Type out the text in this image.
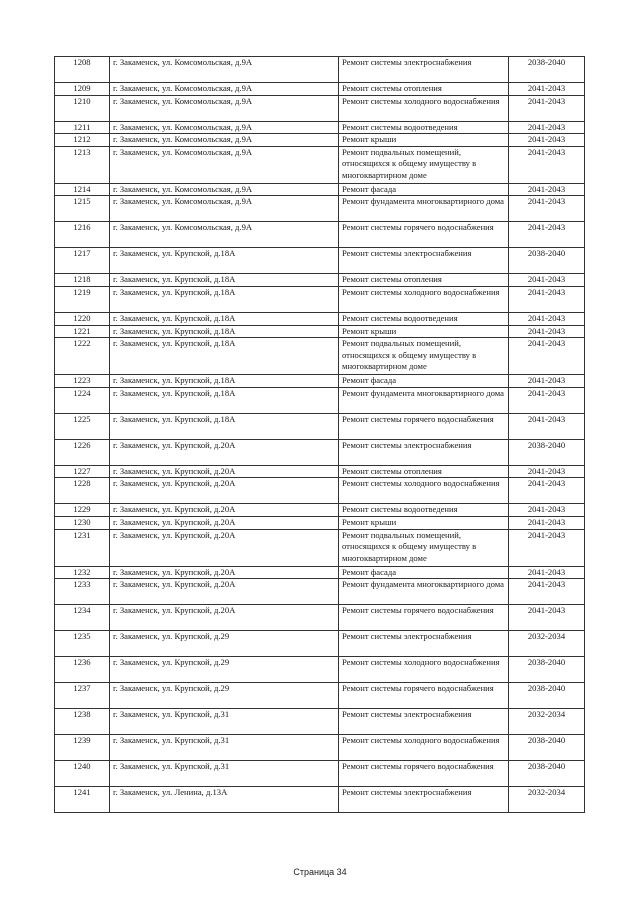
1208	г. Закаменск, ул. Комсомольская, д.9А	Ремонт системы электроснабжения	2038-2040
1209	г. Закаменск, ул. Комсомольская, д.9А	Ремонт системы отопления	2041-2043
1210	г. Закаменск, ул. Комсомольская, д.9А	Ремонт системы холодного водоснабжения	2041-2043
1211	г. Закаменск, ул. Комсомольская, д.9А	Ремонт системы водоотведения	2041-2043
1212	г. Закаменск, ул. Комсомольская, д.9А	Ремонт крыши	2041-2043
1213	г. Закаменск, ул. Комсомольская, д.9А	Ремонт подвальных помещений, относящихся к общему имуществу в многоквартирном доме	2041-2043
1214	г. Закаменск, ул. Комсомольская, д.9А	Ремонт фасада	2041-2043
1215	г. Закаменск, ул. Комсомольская, д.9А	Ремонт фундамента многоквартирного дома	2041-2043
1216	г. Закаменск, ул. Комсомольская, д.9А	Ремонт системы горячего водоснабжения	2041-2043
1217	г. Закаменск, ул. Крупской, д.18А	Ремонт системы электроснабжения	2038-2040
1218	г. Закаменск, ул. Крупской, д.18А	Ремонт системы отопления	2041-2043
1219	г. Закаменск, ул. Крупской, д.18А	Ремонт системы холодного водоснабжения	2041-2043
1220	г. Закаменск, ул. Крупской, д.18А	Ремонт системы водоотведения	2041-2043
1221	г. Закаменск, ул. Крупской, д.18А	Ремонт крыши	2041-2043
1222	г. Закаменск, ул. Крупской, д.18А	Ремонт подвальных помещений, относящихся к общему имуществу в многоквартирном доме	2041-2043
1223	г. Закаменск, ул. Крупской, д.18А	Ремонт фасада	2041-2043
1224	г. Закаменск, ул. Крупской, д.18А	Ремонт фундамента многоквартирного дома	2041-2043
1225	г. Закаменск, ул. Крупской, д.18А	Ремонт системы горячего водоснабжения	2041-2043
1226	г. Закаменск, ул. Крупской, д.20А	Ремонт системы электроснабжения	2038-2040
1227	г. Закаменск, ул. Крупской, д.20А	Ремонт системы отопления	2041-2043
1228	г. Закаменск, ул. Крупской, д.20А	Ремонт системы холодного водоснабжения	2041-2043
1229	г. Закаменск, ул. Крупской, д.20А	Ремонт системы водоотведения	2041-2043
1230	г. Закаменск, ул. Крупской, д.20А	Ремонт крыши	2041-2043
1231	г. Закаменск, ул. Крупской, д.20А	Ремонт подвальных помещений, относящихся к общему имуществу в многоквартирном доме	2041-2043
1232	г. Закаменск, ул. Крупской, д.20А	Ремонт фасада	2041-2043
1233	г. Закаменск, ул. Крупской, д.20А	Ремонт фундамента многоквартирного дома	2041-2043
1234	г. Закаменск, ул. Крупской, д.20А	Ремонт системы горячего водоснабжения	2041-2043
1235	г. Закаменск, ул. Крупской, д.29	Ремонт системы электроснабжения	2032-2034
1236	г. Закаменск, ул. Крупской, д.29	Ремонт системы холодного водоснабжения	2038-2040
1237	г. Закаменск, ул. Крупской, д.29	Ремонт системы горячего водоснабжения	2038-2040
1238	г. Закаменск, ул. Крупской, д.31	Ремонт системы электроснабжения	2032-2034
1239	г. Закаменск, ул. Крупской, д.31	Ремонт системы холодного водоснабжения	2038-2040
1240	г. Закаменск, ул. Крупской, д.31	Ремонт системы горячего водоснабжения	2038-2040
1241	г. Закаменск, ул. Ленина, д.13А	Ремонт системы электроснабжения	2032-2034
Страница 34
